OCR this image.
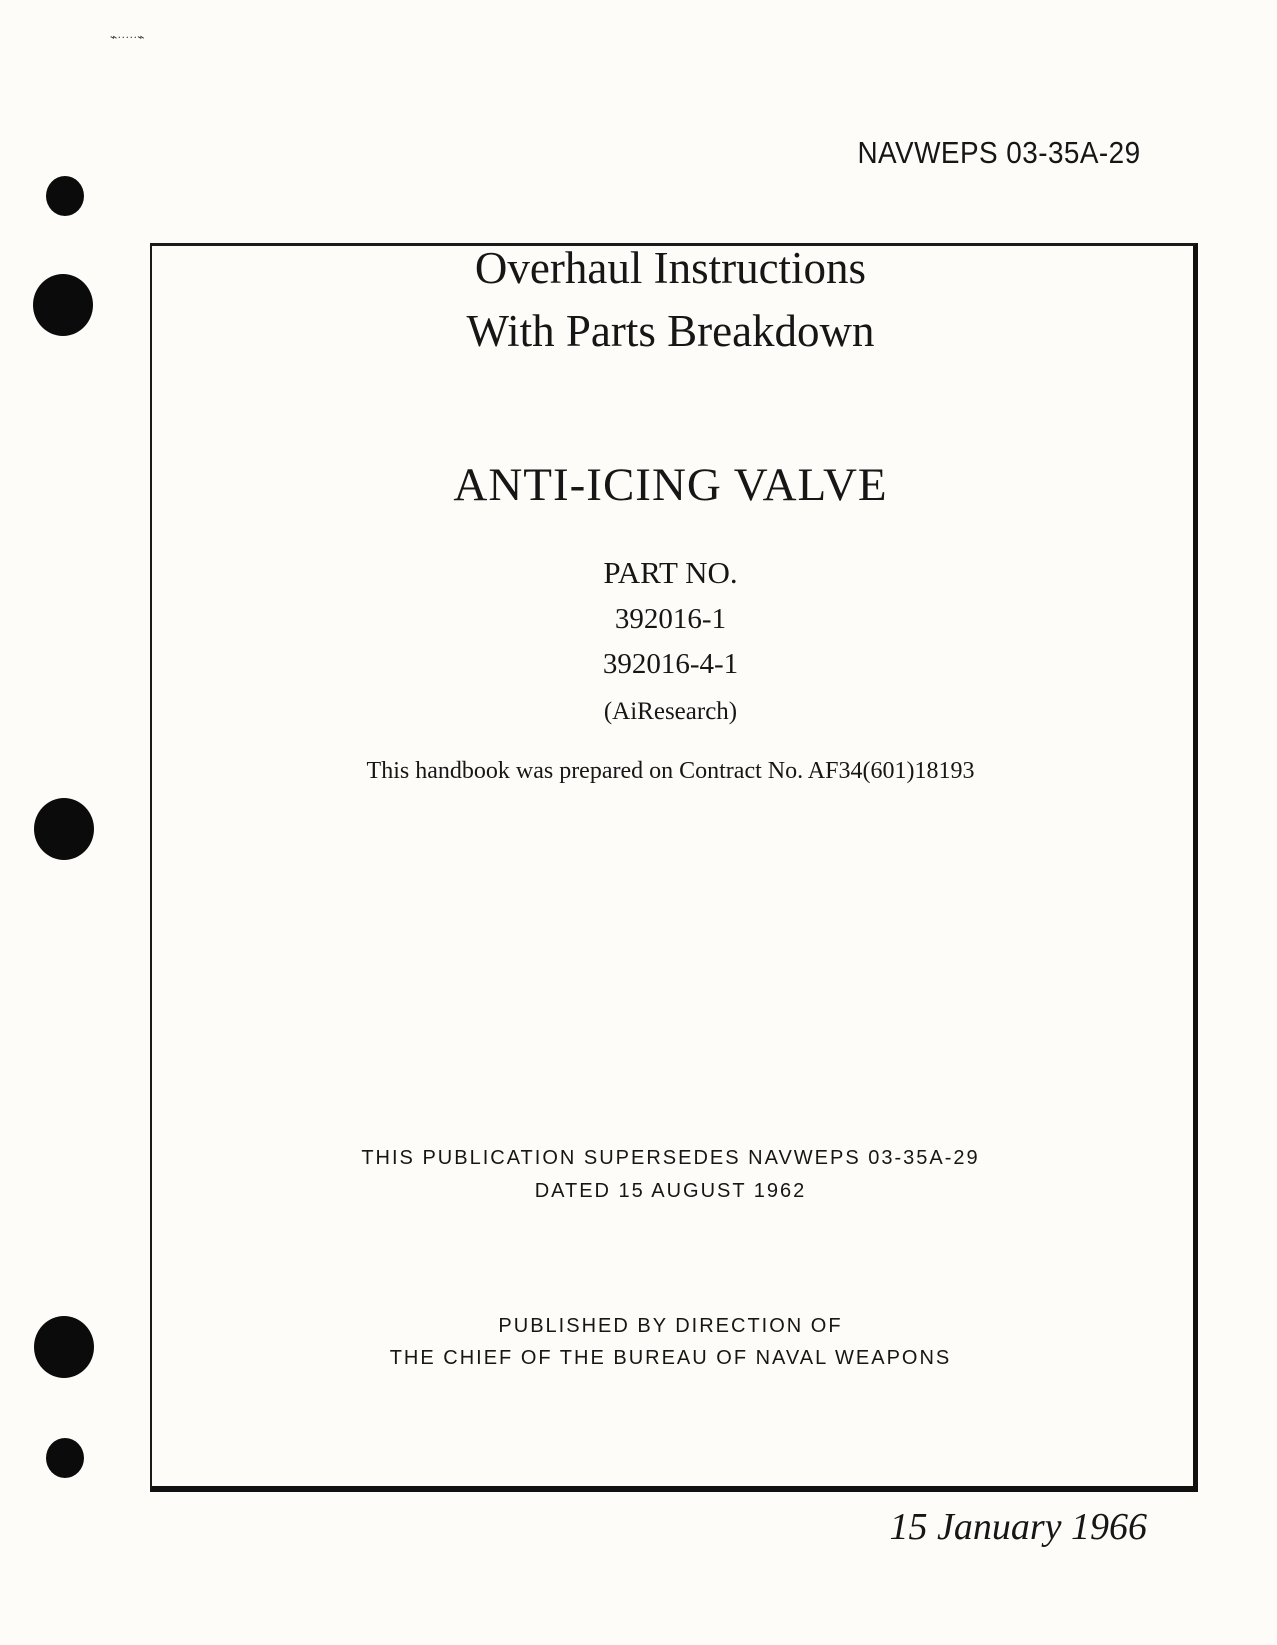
⌁·····⌁
NAVWEPS 03-35A-29
Overhaul Instructions
With Parts Breakdown
ANTI-ICING VALVE
PART NO.
392016-1
392016-4-1
(AiResearch)
This handbook was prepared on Contract No. AF34(601)18193
THIS PUBLICATION SUPERSEDES NAVWEPS 03-35A-29
DATED 15 AUGUST 1962
PUBLISHED BY DIRECTION OF
THE CHIEF OF THE BUREAU OF NAVAL WEAPONS
15 January 1966
